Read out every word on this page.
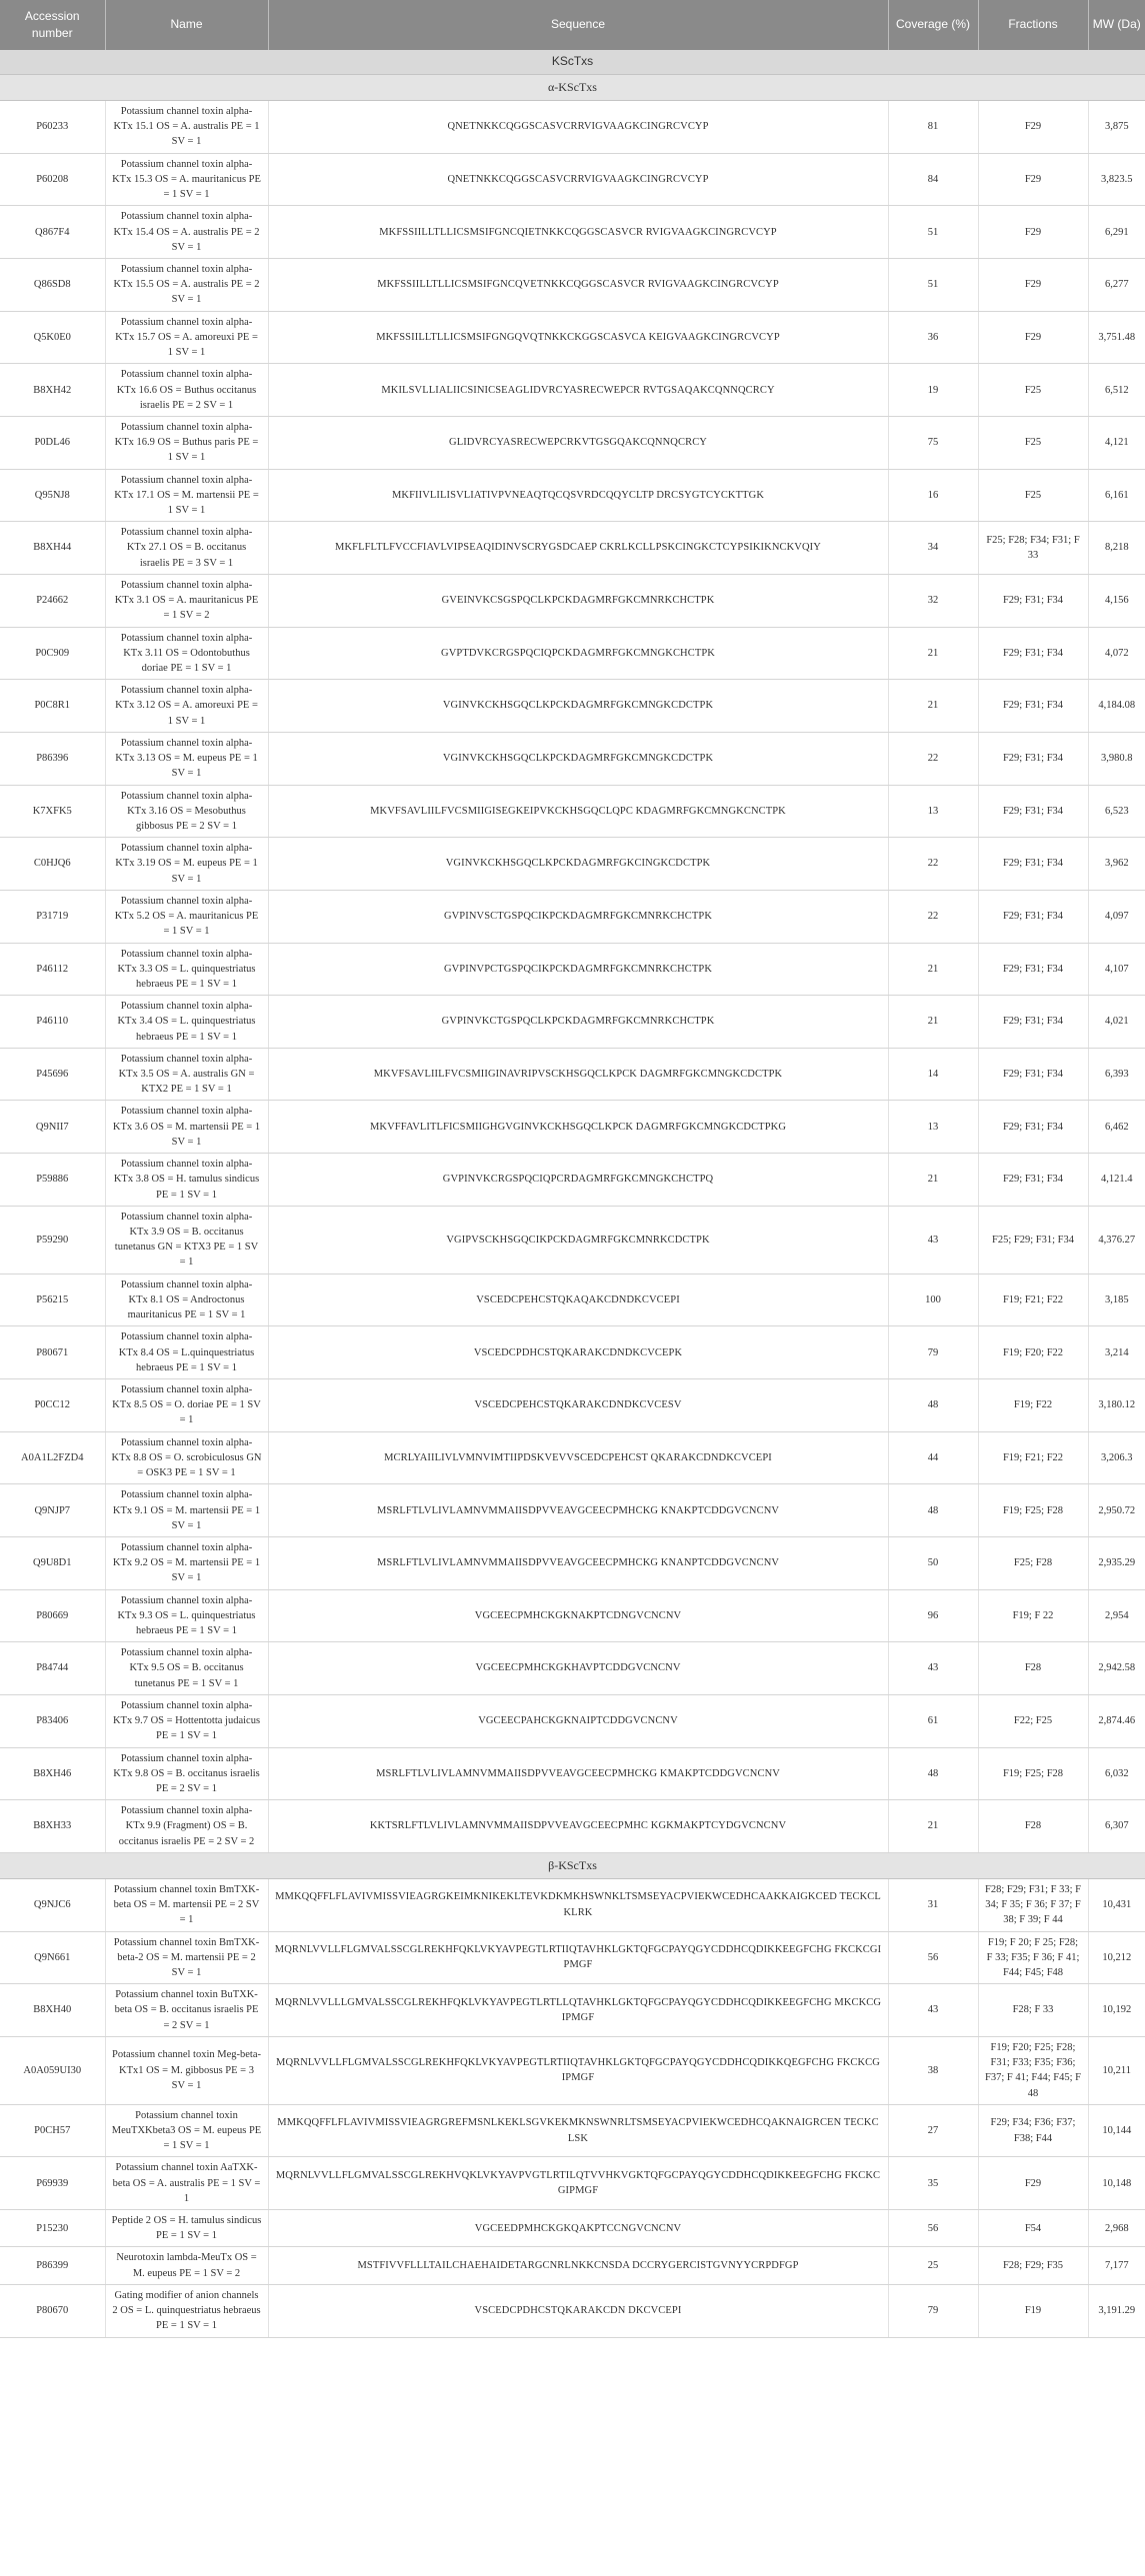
Accession number	Name	Sequence	Coverage (%)	Fractions	MW (Da)
KScTxs					
α-KScTxs					
P60233	Potassium channel toxin alpha-KTx 15.1 OS = A. australis PE = 1 SV = 1	QNETNKKCQGGSCASVCRRVIGVAAGKCINGRCVCYP	81	F29	3,875
P60208	Potassium channel toxin alpha-KTx 15.3 OS = A. mauritanicus PE = 1 SV = 1	QNETNKKCQGGSCASVCRRVIGVAAGKCINGRCVCYP	84	F29	3,823.5
Q867F4	Potassium channel toxin alpha-KTx 15.4 OS = A. australis PE = 2 SV = 1	MKFSSIILLTLLICSMSIFGNCQIETNKKCQGGSCASVCR RVIGVAAGKCINGRCVCYP	51	F29	6,291
Q86SD8	Potassium channel toxin alpha-KTx 15.5 OS = A. australis PE = 2 SV = 1	MKFSSIILLTLLICSMSIFGNCQVETNKKCQGGSCASVCR RVIGVAAGKCINGRCVCYP	51	F29	6,277
Q5K0E0	Potassium channel toxin alpha-KTx 15.7 OS = A. amoreuxi PE = 1 SV = 1	MKFSSIILLTLLICSMSIFGNGQVQTNKKCKGGSCASVCA KEIGVAAGKCINGRCVCYP	36	F29	3,751.48
B8XH42	Potassium channel toxin alpha-KTx 16.6 OS = Buthus occitanus israelis PE = 2 SV = 1	MKILSVLLIALIICSINICSEAGLIDVRCYASRECWEPCR RVTGSAQAKCQNNQCRCY	19	F25	6,512
P0DL46	Potassium channel toxin alpha-KTx 16.9 OS = Buthus paris PE = 1 SV = 1	GLIDVRCYASRECWEPCRKVTGSGQAKCQNNQCRCY	75	F25	4,121
Q95NJ8	Potassium channel toxin alpha-KTx 17.1 OS = M. martensii PE = 1 SV = 1	MKFIIVLILISVLIATIVPVNEAQTQCQSVRDCQQYCLTP DRCSYGTCYCKTTGK	16	F25	6,161
B8XH44	Potassium channel toxin alpha-KTx 27.1 OS = B. occitanus israelis PE = 3 SV = 1	MKFLFLTLFVCCFIAVLVIPSEAQIDINVSCRYGSDCAEP CKRLKCLLPSKCINGKCTCYPSIKIKNCKVQIY	34	F25; F28; F34; F31; F 33	8,218
P24662	Potassium channel toxin alpha-KTx 3.1 OS = A. mauritanicus PE = 1 SV = 2	GVEINVKCSGSPQCLKPCKDAGMRFGKCMNRKCHCTPK	32	F29; F31; F34	4,156
P0C909	Potassium channel toxin alpha-KTx 3.11 OS = Odontobuthus doriae PE = 1 SV = 1	GVPTDVKCRGSPQCIQPCKDAGMRFGKCMNGKCHCTPK	21	F29; F31; F34	4,072
P0C8R1	Potassium channel toxin alpha-KTx 3.12 OS = A. amoreuxi PE = 1 SV = 1	VGINVKCKHSGQCLKPCKDAGMRFGKCMNGKCDCTPK	21	F29; F31; F34	4,184.08
P86396	Potassium channel toxin alpha-KTx 3.13 OS = M. eupeus PE = 1 SV = 1	VGINVKCKHSGQCLKPCKDAGMRFGKCMNGKCDCTPK	22	F29; F31; F34	3,980.8
K7XFK5	Potassium channel toxin alpha-KTx 3.16 OS = Mesobuthus gibbosus PE = 2 SV = 1	MKVFSAVLIILFVCSMIIGISEGKEIPVKCKHSGQCLQPC KDAGMRFGKCMNGKCNCTPK	13	F29; F31; F34	6,523
C0HJQ6	Potassium channel toxin alpha-KTx 3.19 OS = M. eupeus PE = 1 SV = 1	VGINVKCKHSGQCLKPCKDAGMRFGKCINGKCDCTPK	22	F29; F31; F34	3,962
P31719	Potassium channel toxin alpha-KTx 5.2 OS = A. mauritanicus PE = 1 SV = 1	GVPINVSCTGSPQCIKPCKDAGMRFGKCMNRKCHCTPK	22	F29; F31; F34	4,097
P46112	Potassium channel toxin alpha-KTx 3.3 OS = L. quinquestriatus hebraeus PE = 1 SV = 1	GVPINVPCTGSPQCIKPCKDAGMRFGKCMNRKCHCTPK	21	F29; F31; F34	4,107
P46110	Potassium channel toxin alpha-KTx 3.4 OS = L. quinquestriatus hebraeus PE = 1 SV = 1	GVPINVKCTGSPQCLKPCKDAGMRFGKCMNRKCHCTPK	21	F29; F31; F34	4,021
P45696	Potassium channel toxin alpha-KTx 3.5 OS = A. australis GN = KTX2 PE = 1 SV = 1	MKVFSAVLIILFVCSMIIGINAVRIPVSCKHSGQCLKPCK DAGMRFGKCMNGKCDCTPK	14	F29; F31; F34	6,393
Q9NII7	Potassium channel toxin alpha-KTx 3.6 OS = M. martensii PE = 1 SV = 1	MKVFFAVLITLFICSMIIGHGVGINVKCKHSGQCLKPCK DAGMRFGKCMNGKCDCTPKG	13	F29; F31; F34	6,462
P59886	Potassium channel toxin alpha-KTx 3.8 OS = H. tamulus sindicus PE = 1 SV = 1	GVPINVKCRGSPQCIQPCRDAGMRFGKCMNGKCHCTPQ	21	F29; F31; F34	4,121.4
P59290	Potassium channel toxin alpha-KTx 3.9 OS = B. occitanus tunetanus GN = KTX3 PE = 1 SV = 1	VGIPVSCKHSGQCIKPCKDAGMRFGKCMNRKCDCTPK	43	F25; F29; F31; F34	4,376.27
P56215	Potassium channel toxin alpha-KTx 8.1 OS = Androctonus mauritanicus PE = 1 SV = 1	VSCEDCPEHCSTQKAQAKCDNDKCVCEPI	100	F19; F21; F22	3,185
P80671	Potassium channel toxin alpha-KTx 8.4 OS = L.quinquestriatus hebraeus PE = 1 SV = 1	VSCEDCPDHCSTQKARAKCDNDKCVCEPK	79	F19; F20; F22	3,214
P0CC12	Potassium channel toxin alpha-KTx 8.5 OS = O. doriae PE = 1 SV = 1	VSCEDCPEHCSTQKARAKCDNDKCVCESV	48	F19; F22	3,180.12
A0A1L2FZD4	Potassium channel toxin alpha-KTx 8.8 OS = O. scrobiculosus GN = OSK3 PE = 1 SV = 1	MCRLYAIILIVLVMNVIMTIIPDSKVEVVSCEDCPEHCST QKARAKCDNDKCVCEPI	44	F19; F21; F22	3,206.3
Q9NJP7	Potassium channel toxin alpha-KTx 9.1 OS = M. martensii PE = 1 SV = 1	MSRLFTLVLIVLAMNVMMAIISDPVVEAVGCEECPMHCKG KNAKPTCDDGVCNCNV	48	F19; F25; F28	2,950.72
Q9U8D1	Potassium channel toxin alpha-KTx 9.2 OS = M. martensii PE = 1 SV = 1	MSRLFTLVLIVLAMNVMMAIISDPVVEAVGCEECPMHCKG KNANPTCDDGVCNCNV	50	F25; F28	2,935.29
P80669	Potassium channel toxin alpha-KTx 9.3 OS = L. quinquestriatus hebraeus PE = 1 SV = 1	VGCEECPMHCKGKNAKPTCDNGVCNCNV	96	F19; F 22	2,954
P84744	Potassium channel toxin alpha-KTx 9.5 OS = B. occitanus tunetanus PE = 1 SV = 1	VGCEECPMHCKGKHAVPTCDDGVCNCNV	43	F28	2,942.58
P83406	Potassium channel toxin alpha-KTx 9.7 OS = Hottentotta judaicus PE = 1 SV = 1	VGCEECPAHCKGKNAIPTCDDGVCNCNV	61	F22; F25	2,874.46
B8XH46	Potassium channel toxin alpha-KTx 9.8 OS = B. occitanus israelis PE = 2 SV = 1	MSRLFTLVLIVLAMNVMMAIISDPVVEAVGCEECPMHCKG KMAKPTCDDGVCNCNV	48	F19; F25; F28	6,032
B8XH33	Potassium channel toxin alpha-KTx 9.9 (Fragment) OS = B. occitanus israelis PE = 2 SV = 2	KKTSRLFTLVLIVLAMNVMMAIISDPVVEAVGCEECPMHC KGKMAKPTCYDGVCNCNV	21	F28	6,307
β-KScTxs					
Q9NJC6	Potassium channel toxin BmTXK-beta OS = M. martensii PE = 2 SV = 1	MMKQQFFLFLAVIVMISSVIEAGRGKEIMKNIKEKLTEVKDKMKHSWNKLTSMSEYACPVIEKWCEDHCAAKKAIGKCED TECKCLKLRK	31	F28; F29; F31; F 33; F 34; F 35; F 36; F 37; F 38; F 39; F 44	10,431
Q9N661	Potassium channel toxin BmTXK-beta-2 OS = M. martensii PE = 2 SV = 1	MQRNLVVLLFLGMVALSSCGLREKHFQKLVKYAVPEGTLRTIIQTAVHKLGKTQFGCPAYQGYCDDHCQDIKKEEGFCHG FKCKCGIPMGF	56	F19; F 20; F 25; F28; F 33; F35; F 36; F 41; F44; F45; F48	10,212
B8XH40	Potassium channel toxin BuTXK-beta OS = B. occitanus israelis PE = 2 SV = 1	MQRNLVVLLLGMVALSSCGLREKHFQKLVKYAVPEGTLRTLLQTAVHKLGKTQFGCPAYQGYCDDHCQDIKKEEGFCHG MKCKCGIPMGF	43	F28; F 33	10,192
A0A059UI30	Potassium channel toxin Meg-beta-KTx1 OS = M. gibbosus PE = 3 SV = 1	MQRNLVVLLFLGMVALSSCGLREKHFQKLVKYAVPEGTLRTIIQTAVHKLGKTQFGCPAYQGYCDDHCQDIKKQEGFCHG FKCKCGIPMGF	38	F19; F20; F25; F28; F31; F33; F35; F36; F37; F 41; F44; F45; F 48	10,211
P0CH57	Potassium channel toxin MeuTXKbeta3 OS = M. eupeus PE = 1 SV = 1	MMKQQFFLFLAVIVMISSVIEAGRGREFMSNLKEKLSGVKEKMKNSWNRLTSMSEYACPVIEKWCEDHCQAKNAIGRCEN TECKCLSK	27	F29; F34; F36; F37; F38; F44	10,144
P69939	Potassium channel toxin AaTXK-beta OS = A. australis PE = 1 SV = 1	MQRNLVVLLFLGMVALSSCGLREKHVQKLVKYAVPVGTLRTILQTVVHKVGKTQFGCPAYQGYCDDHCQDIKKEEGFCHG FKCKCGIPMGF	35	F29	10,148
P15230	Peptide 2 OS = H. tamulus sindicus PE = 1 SV = 1	VGCEEDPMHCKGKQAKPTCCNGVCNCNV	56	F54	2,968
P86399	Neurotoxin lambda-MeuTx OS = M. eupeus PE = 1 SV = 2	MSTFIVVFLLLTAILCHAEHAIDETARGCNRLNKKCNSDA DCCRYGERCISTGVNYYCRPDFGP	25	F28; F29; F35	7,177
P80670	Gating modifier of anion channels 2 OS = L. quinquestriatus hebraeus PE = 1 SV = 1	VSCEDCPDHCSTQKARAKCDN DKCVCEPI	79	F19	3,191.29
